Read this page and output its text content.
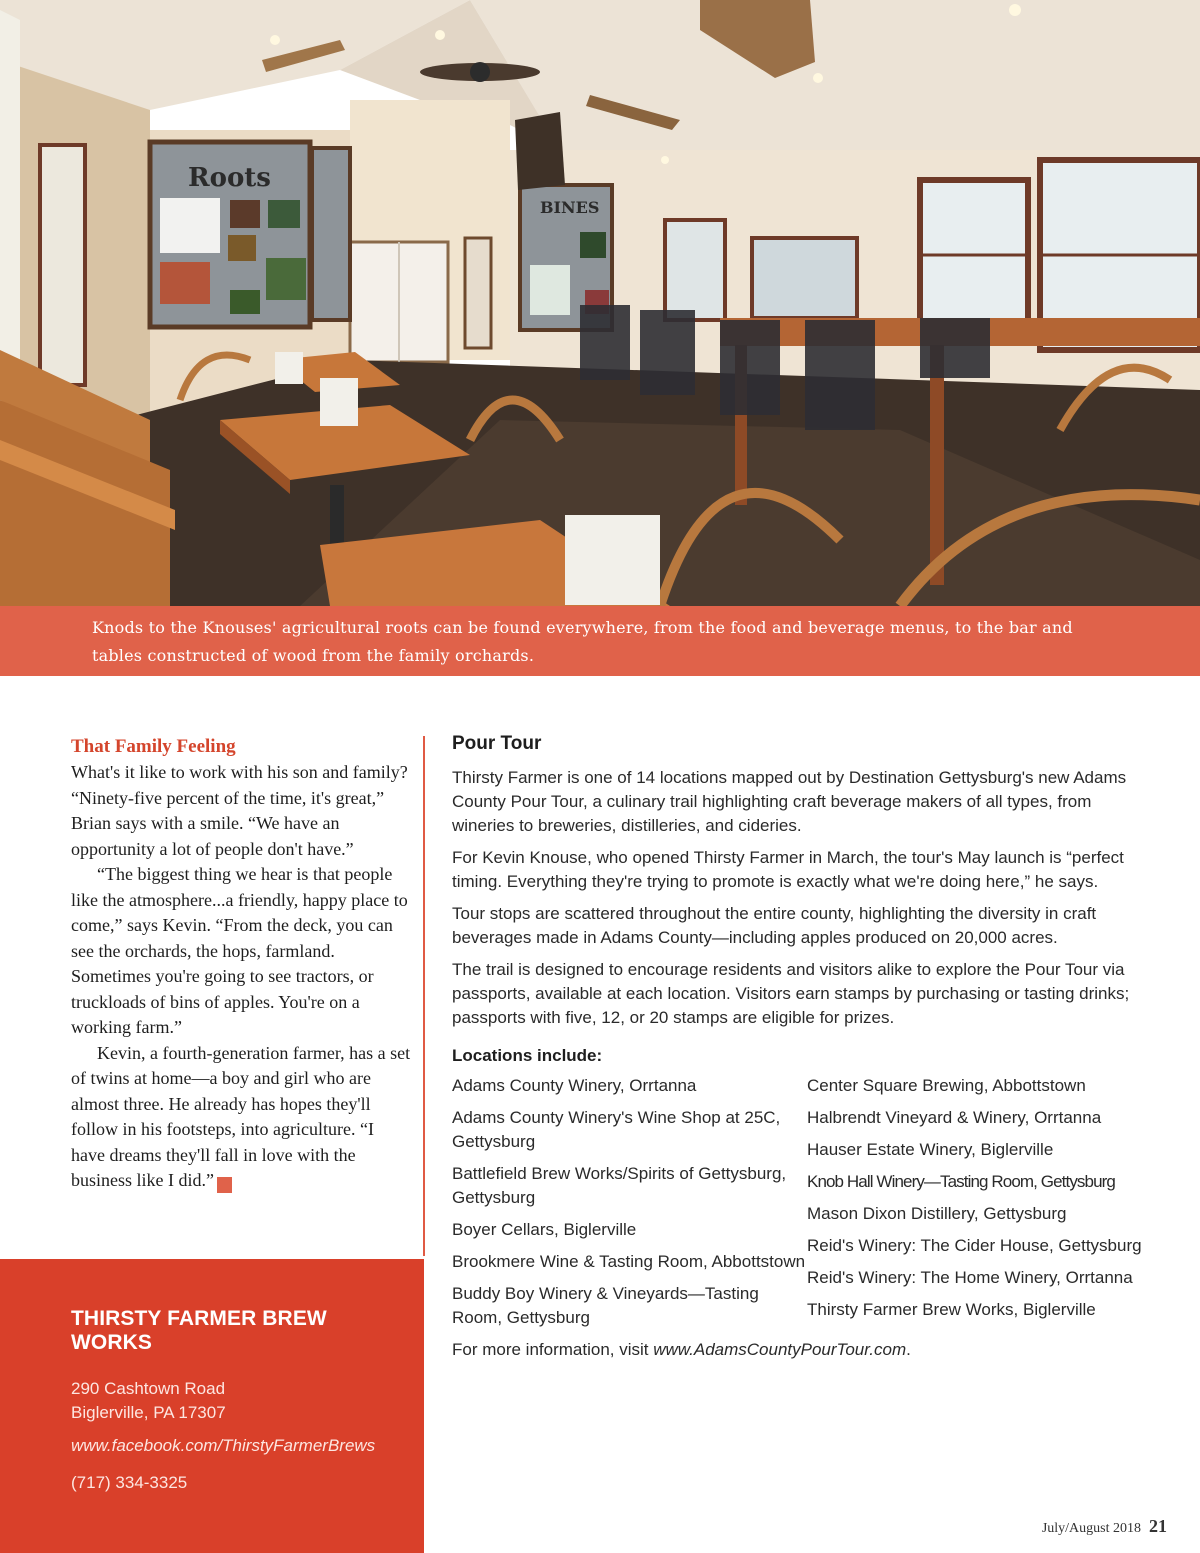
Roots
BINES
Knods to the Knouses' agricultural roots can be found everywhere, from the food and beverage menus, to the bar and tables constructed of wood from the family orchards.
That Family Feeling

What's it like to work with his son and family? “Ninety-five percent of the time, it's great,” Brian says with a smile. “We have an opportunity a lot of people don't have.”

“The biggest thing we hear is that people like the atmosphere...a friendly, happy place to come,” says Kevin. “From the deck, you can see the orchards, the hops, farmland. Sometimes you're going to see tractors, or truckloads of bins of apples. You're on a working farm.”

Kevin, a fourth-generation farmer, has a set of twins at home—a boy and girl who are almost three. He already has hopes they'll follow in his footsteps, into agriculture. “I have dreams they'll fall in love with the business like I did.”	G

THIRSTY FARMER BREW WORKS
290 Cashtown Road
Biglerville, PA 17307
www.facebook.com/ThirstyFarmerBrews
(717) 334-3325
Pour Tour

Thirsty Farmer is one of 14 locations mapped out by Destination Gettysburg's new Adams County Pour Tour, a culinary trail highlighting craft beverage makers of all types, from wineries to breweries, distilleries, and cideries.

For Kevin Knouse, who opened Thirsty Farmer in March, the tour's May launch is “perfect timing. Everything they're trying to promote is exactly what we're doing here,” he says.

Tour stops are scattered throughout the entire county, highlighting the diversity in craft beverages made in Adams County—including apples produced on 20,000 acres.

The trail is designed to encourage residents and visitors alike to explore the Pour Tour via passports, available at each location. Visitors earn stamps by purchasing or tasting drinks; passports with five, 12, or 20 stamps are eligible for prizes.

Locations include:
Adams County Winery, Orrtanna
Adams County Winery's Wine Shop at 25C, Gettysburg
Battlefield Brew Works/Spirits of Gettysburg, Gettysburg
Boyer Cellars, Biglerville
Brookmere Wine & Tasting Room, Abbottstown
Buddy Boy Winery & Vineyards—Tasting Room, Gettysburg
Center Square Brewing, Abbottstown
Halbrendt Vineyard & Winery, Orrtanna
Hauser Estate Winery, Biglerville
Knob Hall Winery—Tasting Room, Gettysburg
Mason Dixon Distillery, Gettysburg
Reid's Winery: The Cider House, Gettysburg
Reid's Winery: The Home Winery, Orrtanna
Thirsty Farmer Brew Works, Biglerville

For more information, visit www.AdamsCountyPourTour.com.

July/August 2018 21
